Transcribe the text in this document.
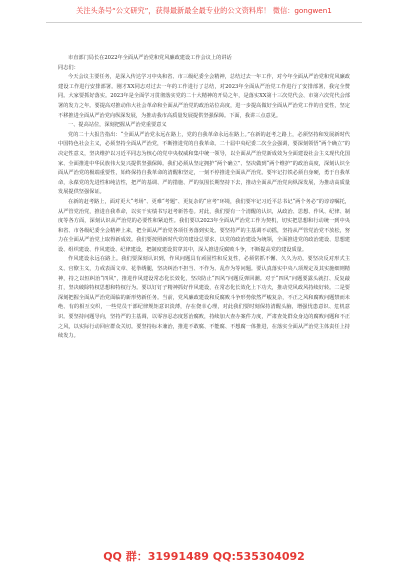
关注头条号“公文研究”，获得最新最全最专业的公文资料库！ 微信：gongwen1

市直部门局长在2022年全面从严治党和党风廉政建设工作会议上的讲话

同志们：

今天会议主要任务，是深入传达学习中央和省、市三级纪委全会精神，总结过去一年工作，对今年全面从严治党和党风廉政建设工作进行安排部署。刚才XX同志对过去一年的工作进行了总结，对2023年全面从严治党工作进行了安排部署，我完全赞同。大家要抓好落实。2023年是全面学习贯彻落实党的二十大精神的开局之年，是落实XX第十三次党代会、市第六次党代会部署的发力之年。要提高对推动伟大社会革命和全面从严治党的政治站位高度，进一步提高做好全面从严治党工作的自觉性，坚定不移推进全面从严治党向纵深发展，为推动我市高质量发展提供坚强保障。下面，我讲三点意见。

一、提高站位，深刻把握从严治党重要意义

党的二十大报告指出：“全面从严治党永远在路上，党的自我革命永远在路上。”在新的赶考之路上，必须坚持和发展新时代中国特色社会主义，必须坚持全面从严治党，不断推进党的自我革命。二十届中央纪委二次全会强调，要深刻领悟“两个确立”的决定性意义，坚决维护以习近平同志为核心的党中央权威和集中统一领导，以全面从严治党新成效为全面建设社会主义现代化国家、全面推进中华民族伟大复兴提供坚强保障。我们必须从坚定拥护“两个确立”、坚决做到“两个维护”的政治高度，深刻认识全面从严治党的极端重要性，始终保持自我革命的清醒和坚定，一刻不停推进全面从严治党。要牢记打铁必须自身硬，勇于自我革命，永葆党的先进性和纯洁性，把严的基调、严的措施、严的氛围长期坚持下去，推动全面从严治党向纵深发展，为推动高质量发展提供坚强保证。

在新的赶考路上，面对更大“考场”、更难“考题”、更复杂的“应考”环境，我们要牢记习近平总书记“两个务必”的谆谆嘱托，从严管党治党，推进自我革命，以实干实绩书写赶考新答卷。对此，我们要有一个清醒的认识，从政治、思想、作风、纪律、制度等各方面，深刻认识从严治党的必要性和紧迫性。我们要以2023年全面从严治党工作为契机，切实把思想和行动统一到中央和省、市各级纪委全会精神上来，把全面从严治党各项任务落到实处。要坚持严的主基调不动摇，坚持从严管党治党不放松，努力在全面从严治党上取得新成效。我们要按照新时代党的建设总要求，以党的政治建设为统领，全面推进党的政治建设、思想建设、组织建设、作风建设、纪律建设，把制度建设贯穿其中，深入推进反腐败斗争，不断提高党的建设质量。

作风建设永远在路上。我们要深刻认识到，作风问题具有顽固性和反复性，必须常抓不懈、久久为功。要坚决反对形式主义、官僚主义，力戒表面文章、花拳绣腿，坚决纠治不担当、不作为、乱作为等问题。要认真落实中央八项规定及其实施细则精神，持之以恒纠治“四风”，推进作风建设常态化长效化，坚决防止“四风”问题反弹回潮。对于“四风”问题要露头就打、反复敲打，坚决破除特权思想和特权行为。要以钉钉子精神抓好作风建设，在常态化长效化上下功夫，推动党风政风持续好转。二是要深刻把握全面从严治党面临的新形势新任务。当前，党风廉政建设和反腐败斗争形势依然严峻复杂，不正之风和腐败问题禁而未绝、有的相互交织，一些党员干部纪律规矩意识淡薄，存在侥幸心理，对此我们要时刻保持清醒头脑，增强忧患意识、危机意识。要坚持问题导向，坚持严的主基调，以零容忍态度惩治腐败，持续加大查办案件力度，严肃查处群众身边的腐败问题和不正之风，以实际行动回应群众关切。要坚持标本兼治，推进不敢腐、不能腐、不想腐一体推进，在落实全面从严治党主体责任上持续发力。

QQ 群：31991489 QQ:535304092
